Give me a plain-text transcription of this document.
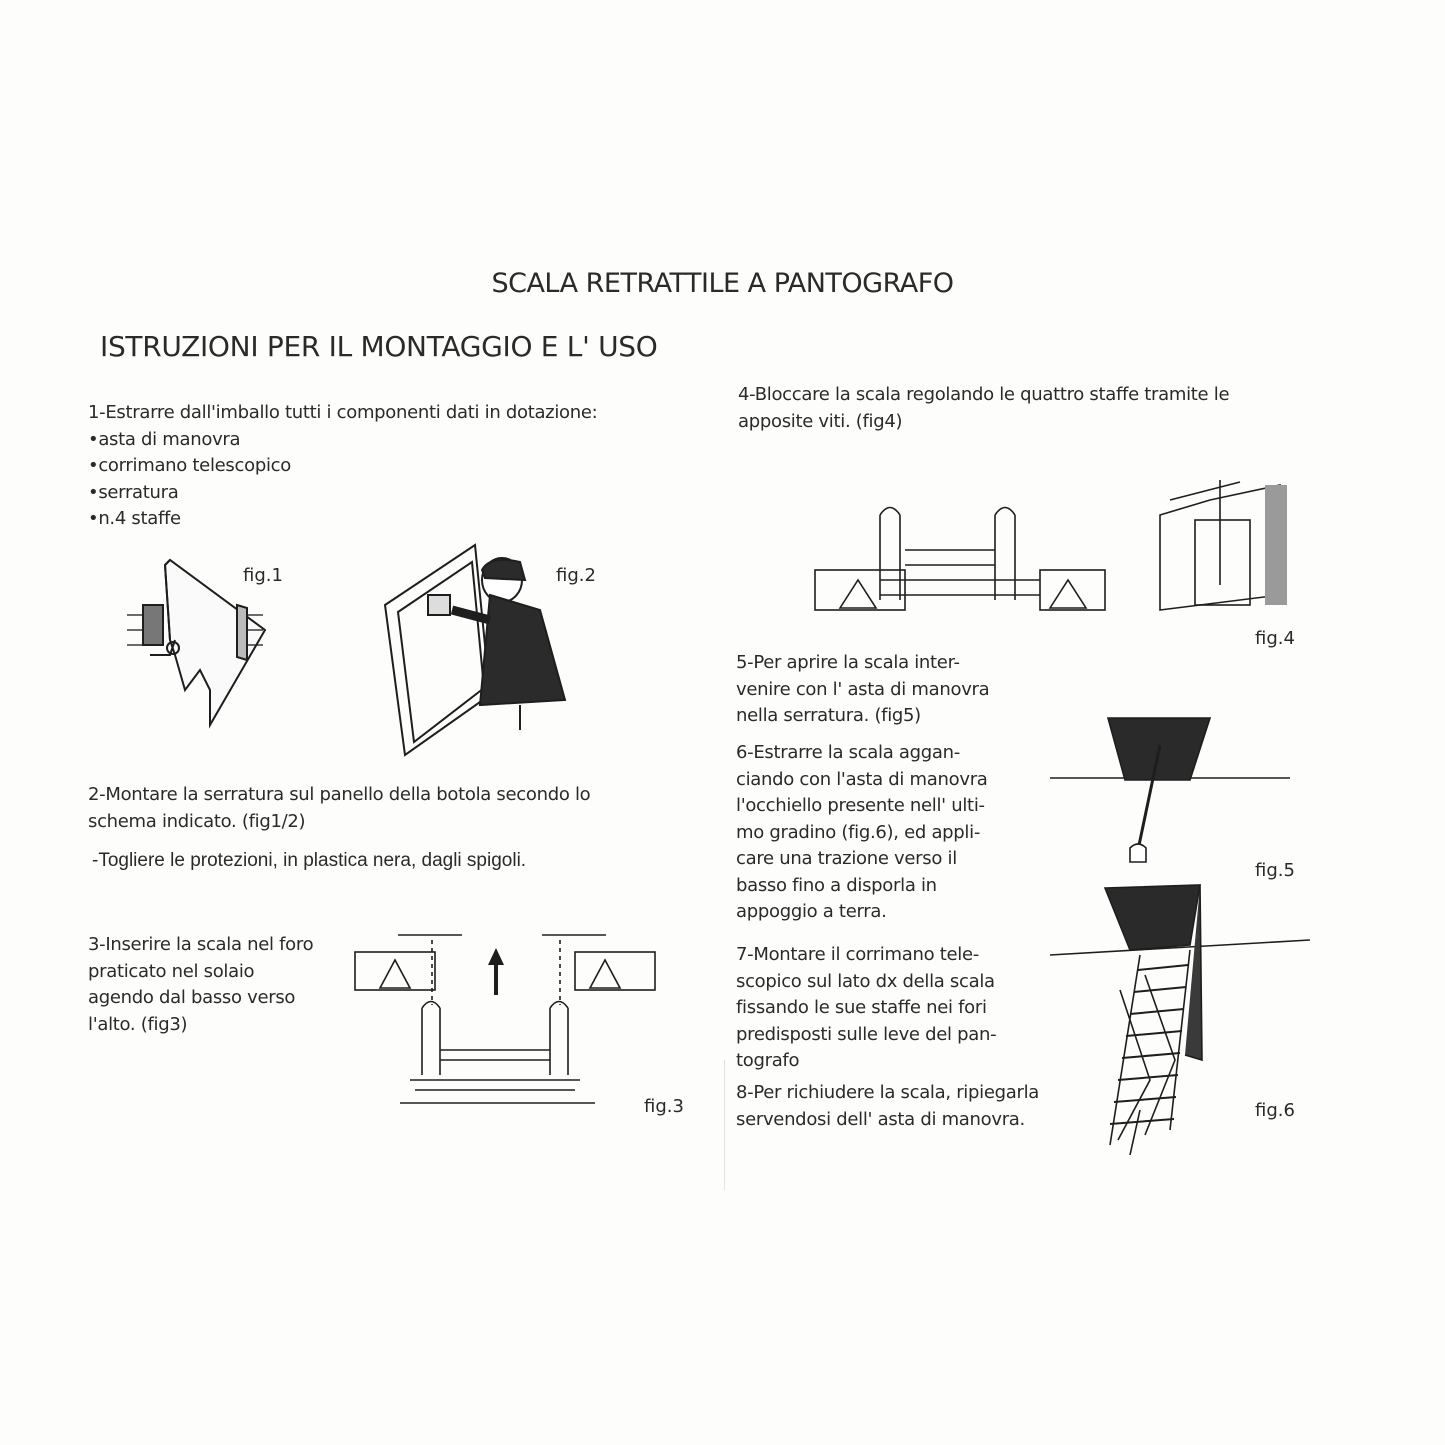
SCALA RETRATTILE A PANTOGRAFO
ISTRUZIONI PER IL MONTAGGIO E L' USO
1-Estrarre dall'imballo tutti i componenti dati in dotazione:
•asta di manovra
•corrimano telescopico
•serratura
•n.4 staffe
fig.1	fig.2
2-Montare la serratura sul panello della botola secondo lo
schema indicato. (fig1/2)
-Togliere le protezioni, in plastica nera, dagli spigoli.
3-Inserire la scala nel foro
praticato nel solaio
agendo dal basso verso
l'alto. (fig3)
fig.3
4-Bloccare la scala regolando le quattro staffe tramite le
apposite viti. (fig4)
fig.4
5-Per aprire la scala inter-
venire con l' asta di manovra
nella serratura. (fig5)
6-Estrarre la scala aggan-
ciando con l'asta di manovra
l'occhiello presente nell' ulti-
mo gradino (fig.6), ed appli-
care una trazione verso il
basso fino a disporla in
appoggio a terra.
fig.5
7-Montare il corrimano tele-
scopico sul lato dx della scala
fissando le sue staffe nei fori
predisposti sulle leve del pan-
tografo
8-Per richiudere la scala, ripiegarla
servendosi dell' asta di manovra.	fig.6
